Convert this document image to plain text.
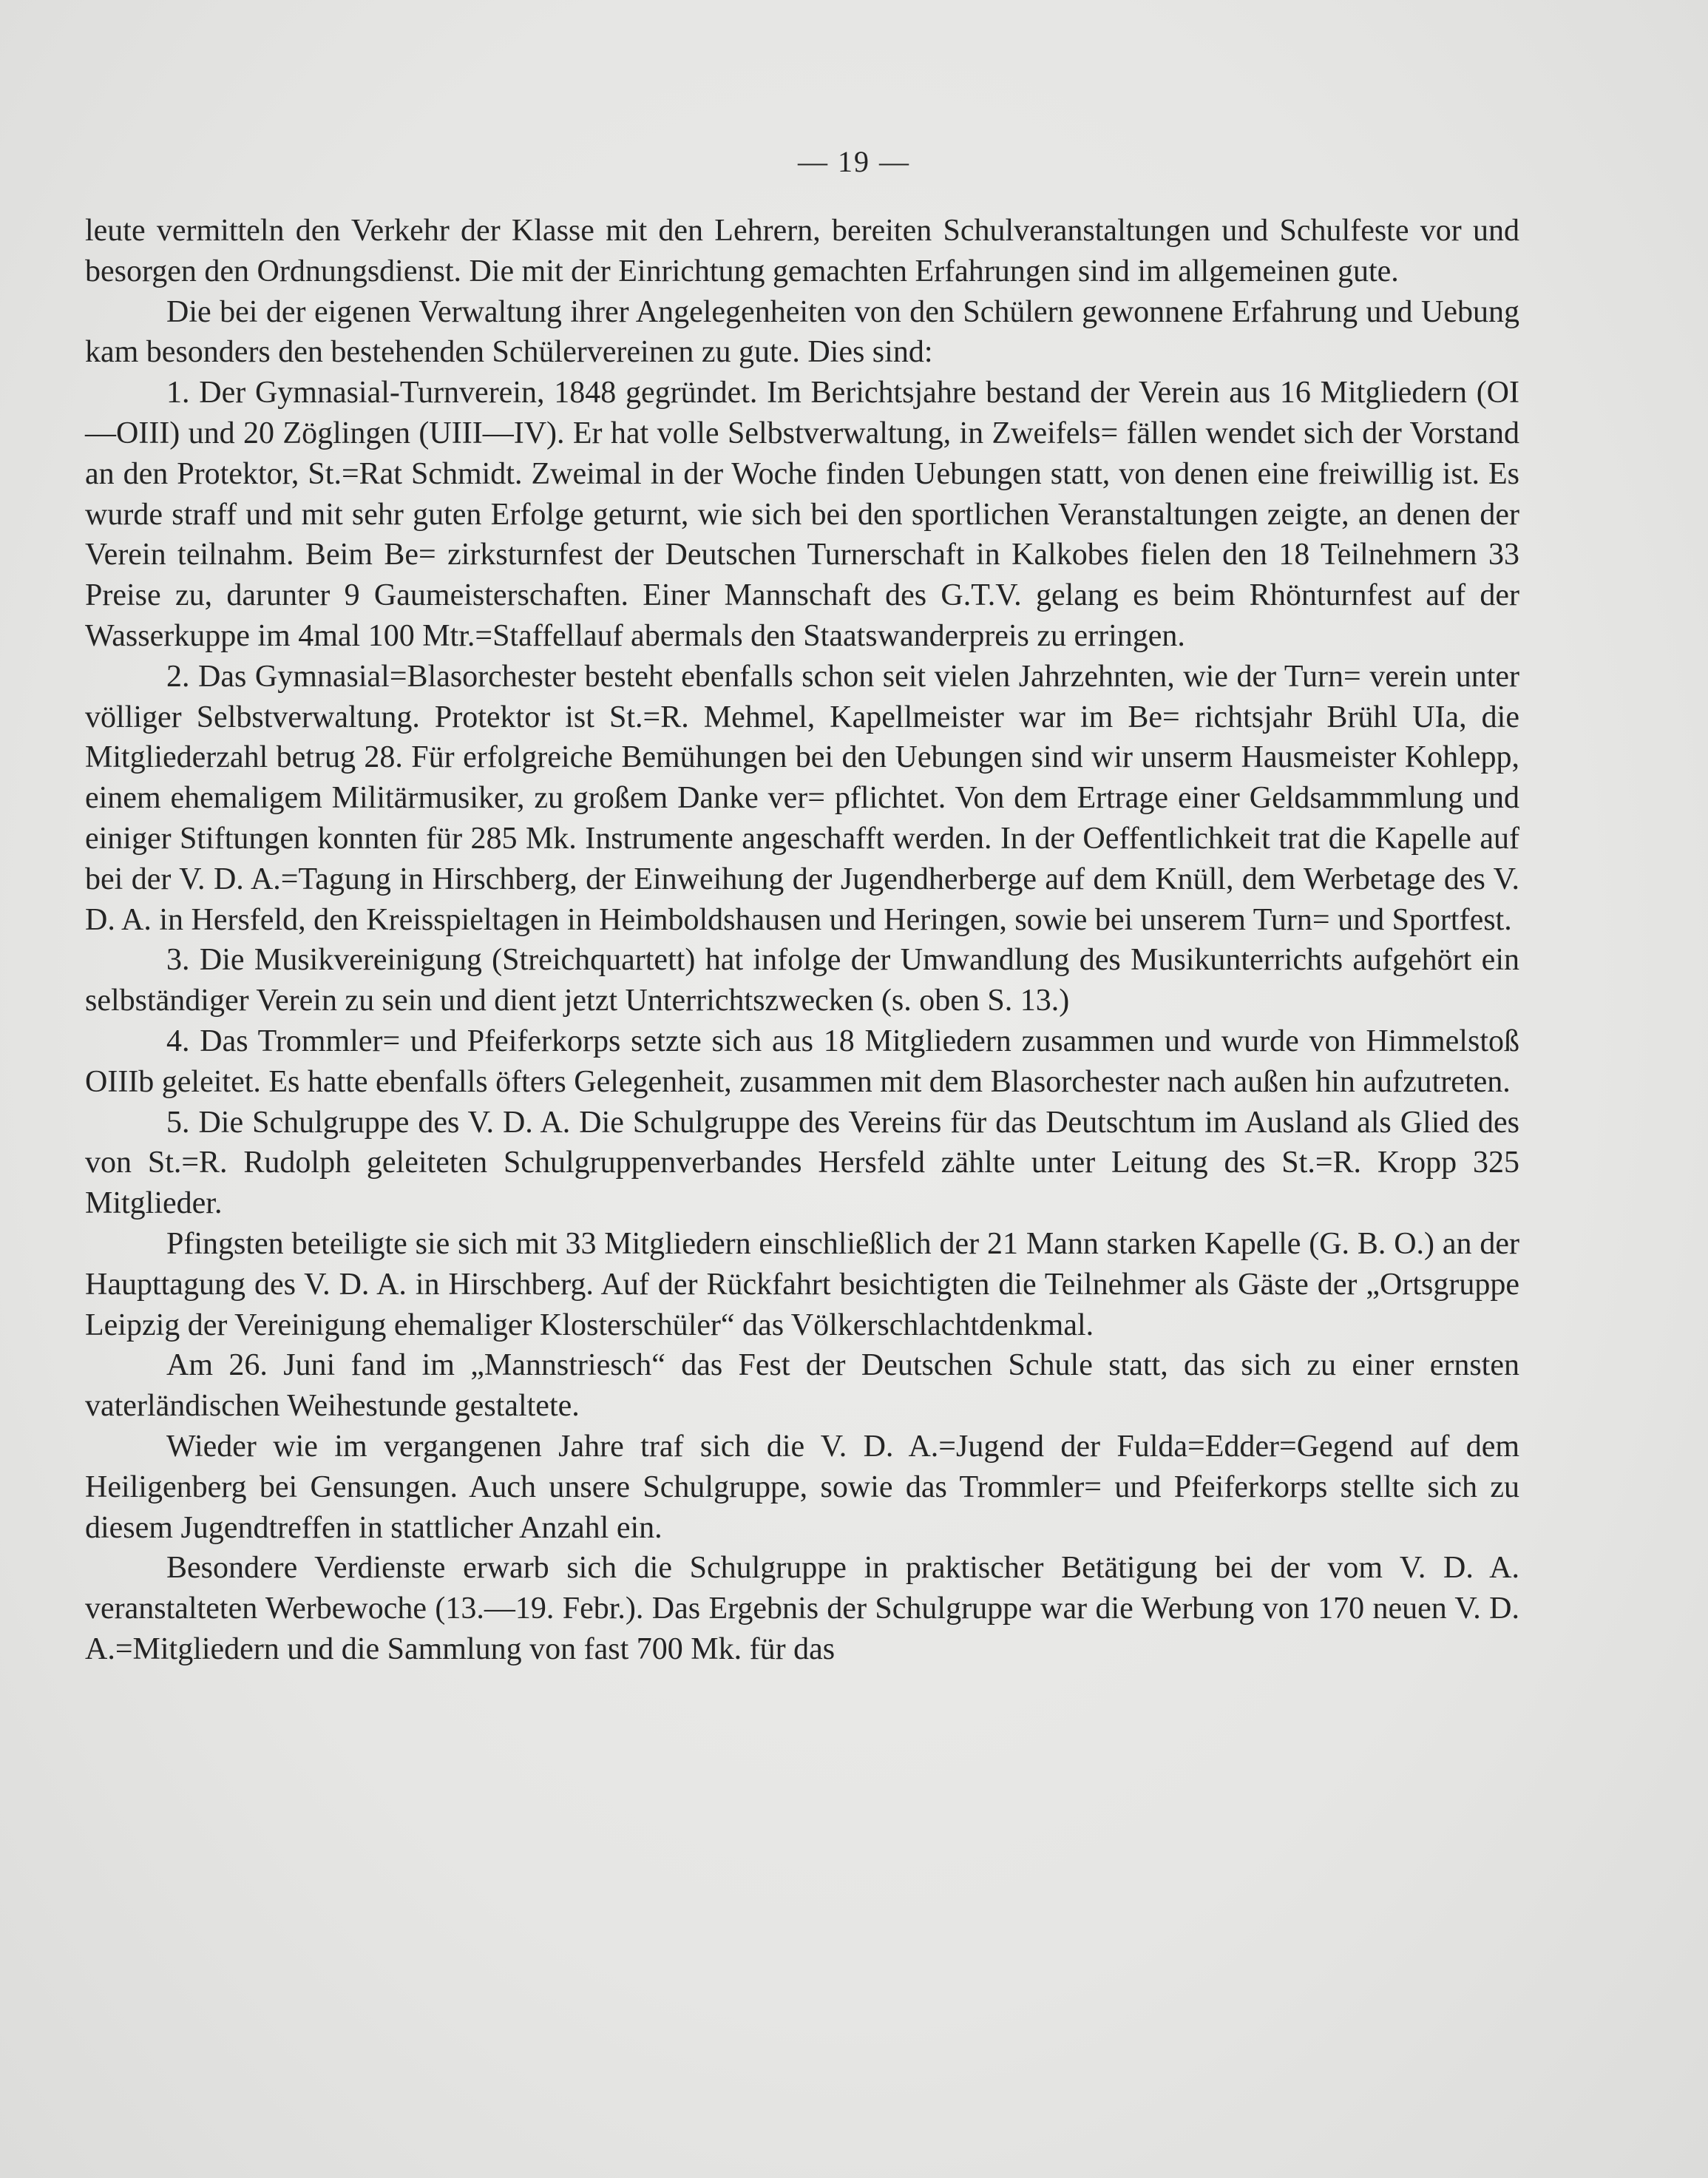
— 19 —

leute vermitteln den Verkehr der Klasse mit den Lehrern, bereiten Schulveranstaltungen und Schulfeste vor und besorgen den Ordnungsdienst. Die mit der Einrichtung gemachten Erfahrungen sind im allgemeinen gute.

Die bei der eigenen Verwaltung ihrer Angelegenheiten von den Schülern gewonnene Erfahrung und Uebung kam besonders den bestehenden Schülervereinen zu gute. Dies sind:

1. Der Gymnasial-Turnverein, 1848 gegründet. Im Berichtsjahre bestand der Verein aus 16 Mitgliedern (OI—OIII) und 20 Zöglingen (UIII—IV). Er hat volle Selbstverwaltung, in Zweifels= fällen wendet sich der Vorstand an den Protektor, St.=Rat Schmidt. Zweimal in der Woche finden Uebungen statt, von denen eine freiwillig ist. Es wurde straff und mit sehr guten Erfolge geturnt, wie sich bei den sportlichen Veranstaltungen zeigte, an denen der Verein teilnahm. Beim Be= zirksturnfest der Deutschen Turnerschaft in Kalkobes fielen den 18 Teilnehmern 33 Preise zu, darunter 9 Gaumeisterschaften. Einer Mannschaft des G.T.V. gelang es beim Rhönturnfest auf der Wasserkuppe im 4mal 100 Mtr.=Staffellauf abermals den Staatswanderpreis zu erringen.

2. Das Gymnasial=Blasorchester besteht ebenfalls schon seit vielen Jahrzehnten, wie der Turn= verein unter völliger Selbstverwaltung. Protektor ist St.=R. Mehmel, Kapellmeister war im Be= richtsjahr Brühl UIa, die Mitgliederzahl betrug 28. Für erfolgreiche Bemühungen bei den Uebungen sind wir unserm Hausmeister Kohlepp, einem ehemaligem Militärmusiker, zu großem Danke ver= pflichtet. Von dem Ertrage einer Geldsammmlung und einiger Stiftungen konnten für 285 Mk. Instrumente angeschafft werden. In der Oeffentlichkeit trat die Kapelle auf bei der V. D. A.=Tagung in Hirschberg, der Einweihung der Jugendherberge auf dem Knüll, dem Werbetage des V. D. A. in Hersfeld, den Kreisspieltagen in Heimboldshausen und Heringen, sowie bei unserem Turn= und Sportfest.

3. Die Musikvereinigung (Streichquartett) hat infolge der Umwandlung des Musikunterrichts aufgehört ein selbständiger Verein zu sein und dient jetzt Unterrichtszwecken (s. oben S. 13.)

4. Das Trommler= und Pfeiferkorps setzte sich aus 18 Mitgliedern zusammen und wurde von Himmelstoß OIIIb geleitet. Es hatte ebenfalls öfters Gelegenheit, zusammen mit dem Blasorchester nach außen hin aufzutreten.

5. Die Schulgruppe des V. D. A. Die Schulgruppe des Vereins für das Deutschtum im Ausland als Glied des von St.=R. Rudolph geleiteten Schulgruppenverbandes Hersfeld zählte unter Leitung des St.=R. Kropp 325 Mitglieder.

Pfingsten beteiligte sie sich mit 33 Mitgliedern einschließlich der 21 Mann starken Kapelle (G. B. O.) an der Haupttagung des V. D. A. in Hirschberg. Auf der Rückfahrt besichtigten die Teilnehmer als Gäste der „Ortsgruppe Leipzig der Vereinigung ehemaliger Klosterschüler“ das Völkerschlachtdenkmal.

Am 26. Juni fand im „Mannstriesch“ das Fest der Deutschen Schule statt, das sich zu einer ernsten vaterländischen Weihestunde gestaltete.

Wieder wie im vergangenen Jahre traf sich die V. D. A.=Jugend der Fulda=Edder=Gegend auf dem Heiligenberg bei Gensungen. Auch unsere Schulgruppe, sowie das Trommler= und Pfeiferkorps stellte sich zu diesem Jugendtreffen in stattlicher Anzahl ein.

Besondere Verdienste erwarb sich die Schulgruppe in praktischer Betätigung bei der vom V. D. A. veranstalteten Werbewoche (13.—19. Febr.). Das Ergebnis der Schulgruppe war die Werbung von 170 neuen V. D. A.=Mitgliedern und die Sammlung von fast 700 Mk. für das
